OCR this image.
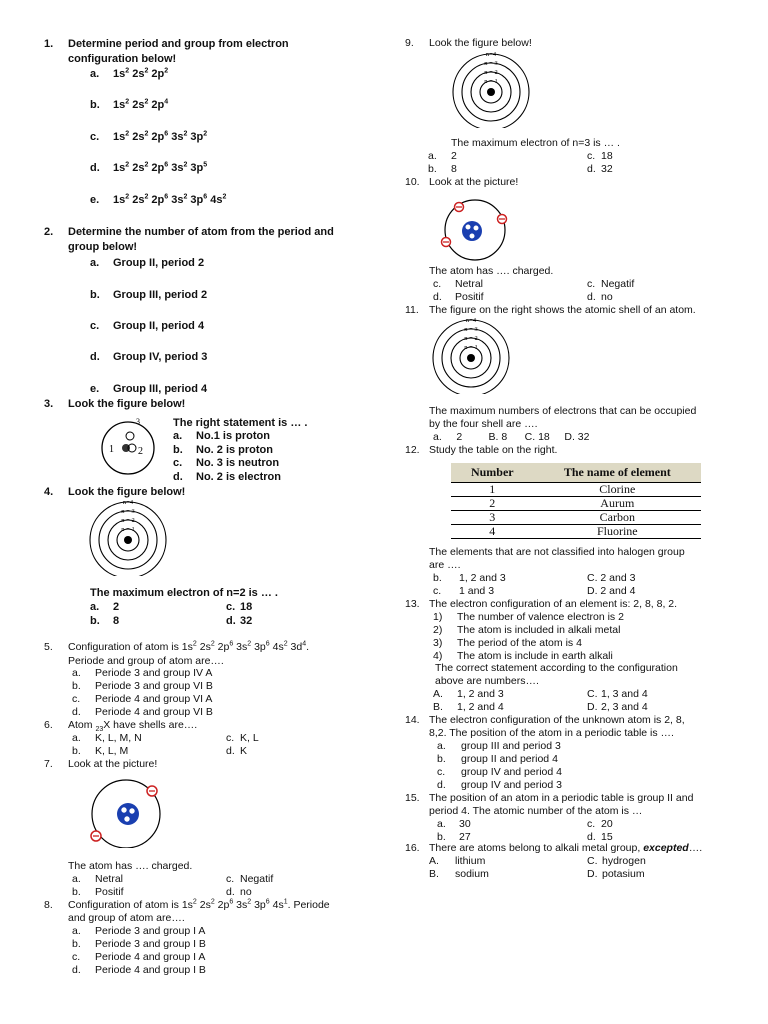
1. Determine period and group from electron
configuration below!
a. $1s^2$ $2s^2$ $2p^2$
b. $1s^2$ $2s^2$ $2p^4$
c. $1s^2$ $2s^2$ $2p^6$ $3s^2$ $3p^2$
d. $1s^2$ $2s^2$ $2p^6$ $3s^2$ $3p^5$
e. $1s^2$ $2s^2$ $2p^6$ $3s^2$ $3p^6$ $4s^2$
2. Determine the number of atom from the period and
group below!
a. Group II, period 2
b. Group III, period 2
c. Group II, period 4
d. Group IV, period 3
e. Group III, period 4
3. Look the figure below!
1 2
3	The right statement is … .
a. No.1 is proton
b. No. 2 is proton
c. No. 3 is neutron
d. No. 2 is electron
4. Look the figure below!
n=4
n = 3
n = 2
n = 1
The maximum electron of n=2 is … .
a. 2	c. 18
b. 8	d. 32
5. Configuration of atom is $1s^2$ $2s^2$ $2p^6$ $3s^2$ $3p^6$ $4s^2$ $3d^4$.
Periode and group of atom are….
a. Periode 3 and group IV A
b. Periode 3 and group VI B
c. Periode 4 and group VI A
d. Periode 4 and group VI B
6. Atom $_{23}$X have shells are….
a. K, L, M, N	c. K, L
b. K, L, M	d. K
7. Look at the picture!
The atom has …. charged.
a. Netral	c. Negatif
b. Positif	d. no
8. Configuration of atom is $1s^2$ $2s^2$ $2p^6$ $3s^2$ $3p^6$ $4s^1$. Periode
and group of atom are….
a. Periode 3 and group I A
b. Periode 3 and group I B
c. Periode 4 and group I A
d. Periode 4 and group I B
9. Look the figure below!
n=4
n = 3
n = 2
n = 1
The maximum electron of n=3 is … .
a. 2	c. 18
b. 8	d. 32
10. Look at the picture!
The atom has …. charged.
c. Netral	c. Negatif
d. Positif	d. no
11. The figure on the right shows the atomic shell of an atom.
n=4
n = 3
n = 2
n = 1
The maximum numbers of electrons that can be occupied
by the four shell are ….
a. 2	B. 8 C. 18 D. 32
12. Study the table on the right.
Number	The name of element
1	Clorine
2	Aurum
3	Carbon
4	Fluorine
The elements that are not classified into halogen group
are ….
b. 1, 2 and 3	C. 2 and 3
c. 1 and 3	D. 2 and 4
13. The electron configuration of an element is: 2, 8, 8, 2.
1) The number of valence electron is 2
2) The atom is included in alkali metal
3) The period of the atom is 4
4) The atom is include in earth alkali
The correct statement according to the configuration
above are numbers….
A. 1, 2 and 3	C. 1, 3 and 4
B. 1, 2 and 4	D. 2, 3 and 4
14. The electron configuration of the unknown atom is 2, 8,
8,2. The position of the atom in a periodic table is ….
a. group III and period 3
b. group II and period 4
c. group IV and period 4
d. group IV and period 3
15. The position of an atom in a periodic table is group II and
period 4. The atomic number of the atom is …
a. 30	c. 20
b. 27	d. 15
16. There are atoms belong to alkali metal group, excepted….
A. lithium	C. hydrogen
B. sodium	D. potasium
